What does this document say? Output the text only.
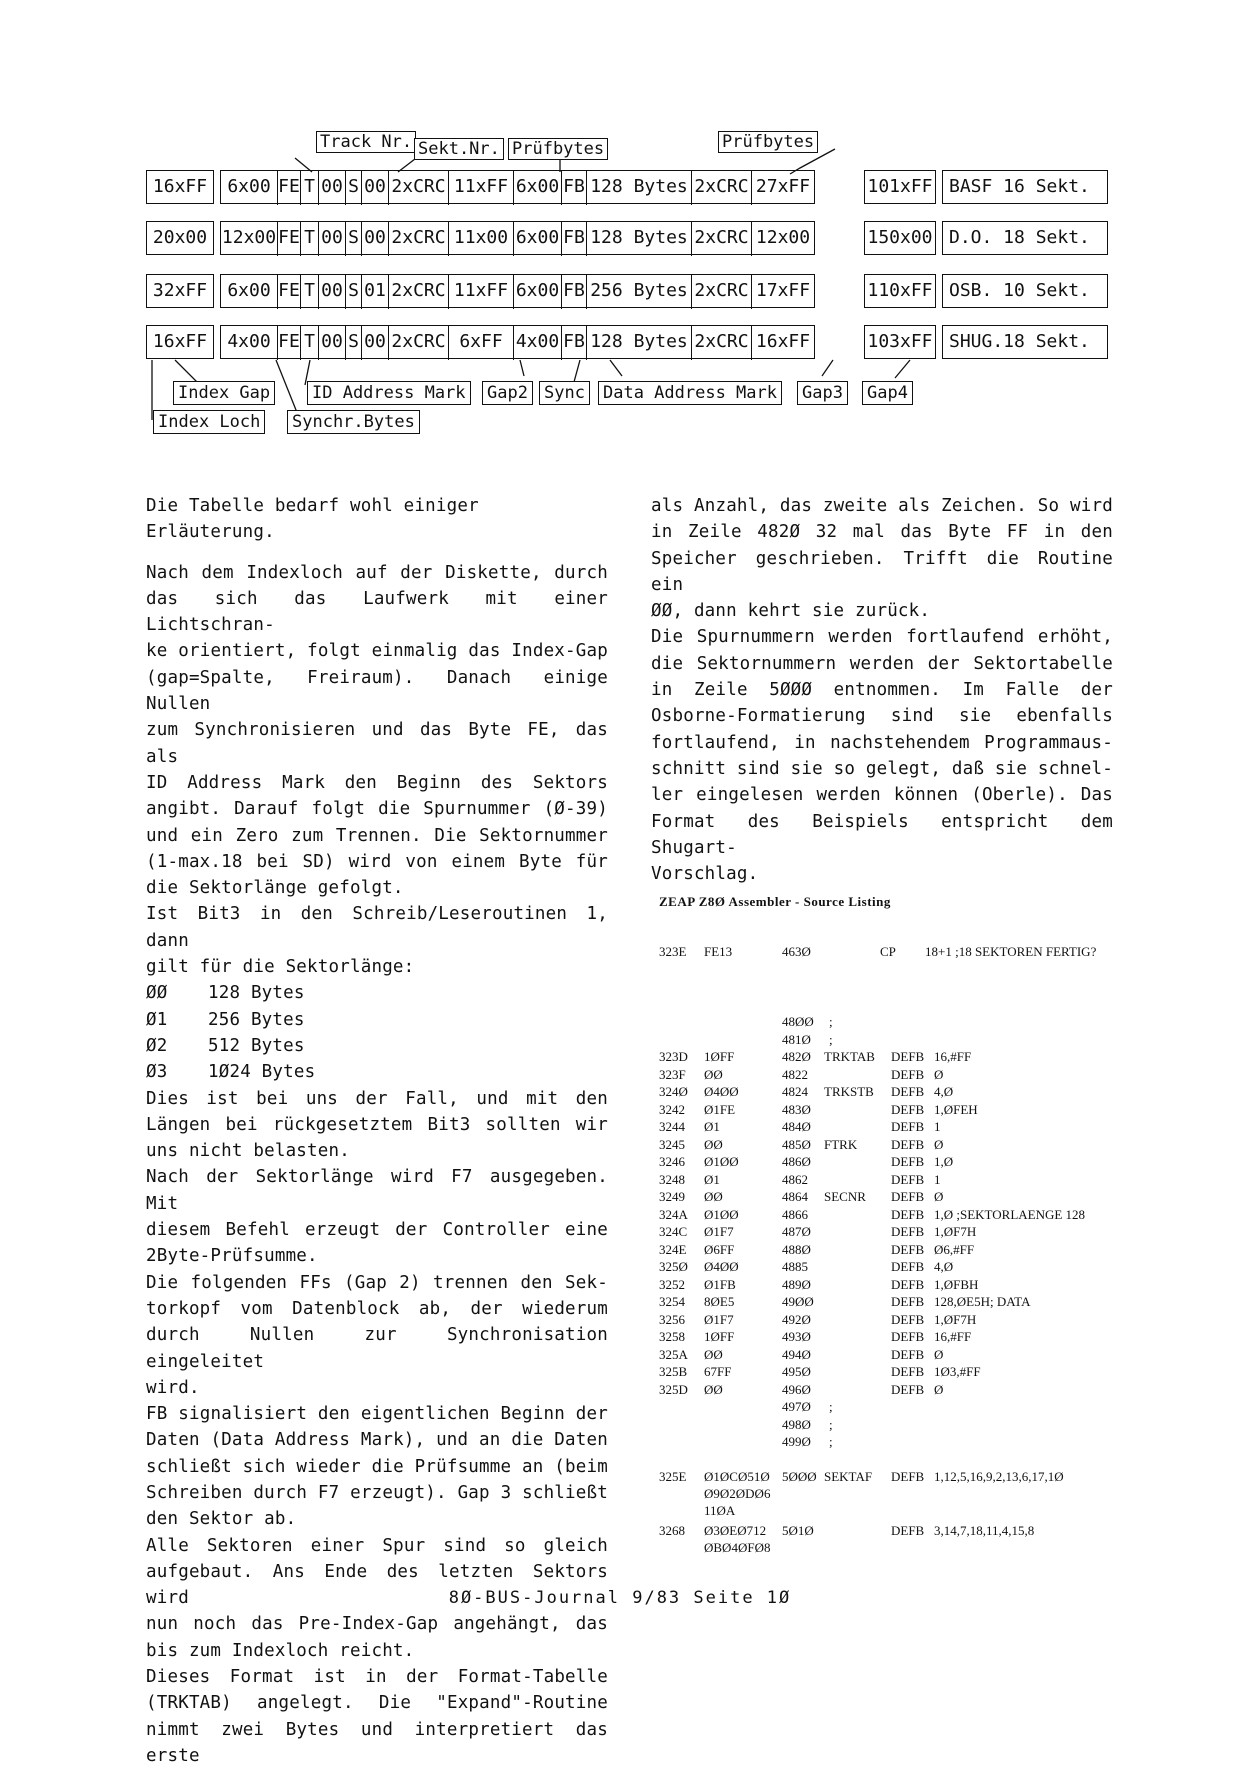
Track Nr. Sekt.Nr. Prüfbytes	Prüfbytes
16xFF	6x00 FE T 00 S 00 2xCRC 11xFF 6x00 FB 128 Bytes 2xCRC 27xFF	101xFF BASF 16 Sekt.
20x00 12x00 FE T 00 S 00 2xCRC 11x00 6x00 FB 128 Bytes 2xCRC 12x00	150x00 D.O. 18 Sekt.
32xFF	6x00 FE T 00 S 01 2xCRC 11xFF 6x00 FB 256 Bytes 2xCRC 17xFF	110xFF OSB. 10 Sekt.
16xFF	4x00 FE T 00 S 00 2xCRC 6xFF 4x00 FB 128 Bytes 2xCRC 16xFF	103xFF SHUG.18 Sekt.
Index Gap
Index Loch
ID Address Mark
Synchr.Bytes
Gap2 Sync Data Address Mark Gap3 Gap4

Die Tabelle bedarf wohl einiger Erläuterung.

Nach dem Indexloch auf der Diskette, durch

das sich das Laufwerk mit einer Lichtschran-

ke orientiert, folgt einmalig das Index-Gap

(gap=Spalte, Freiraum). Danach einige Nullen

zum Synchronisieren und das Byte FE, das als

ID Address Mark den Beginn des Sektors

angibt. Darauf folgt die Spurnummer (Ø-39)

und ein Zero zum Trennen. Die Sektornummer

(1-max.18 bei SD) wird von einem Byte für

die Sektorlänge gefolgt.

Ist Bit3 in den Schreib/Leseroutinen 1, dann

gilt für die Sektorlänge:

ØØ 128 Bytes

Ø1 256 Bytes

Ø2 512 Bytes

Ø3 1Ø24 Bytes

Dies ist bei uns der Fall, und mit den

Längen bei rückgesetztem Bit3 sollten wir

uns nicht belasten.

Nach der Sektorlänge wird F7 ausgegeben. Mit

diesem Befehl erzeugt der Controller eine

2Byte-Prüfsumme.

Die folgenden FFs (Gap 2) trennen den Sek-

torkopf vom Datenblock ab, der wiederum

durch Nullen zur Synchronisation eingeleitet

wird.

FB signalisiert den eigentlichen Beginn der

Daten (Data Address Mark), und an die Daten

schließt sich wieder die Prüfsumme an (beim

Schreiben durch F7 erzeugt). Gap 3 schließt

den Sektor ab.

Alle Sektoren einer Spur sind so gleich

aufgebaut. Ans Ende des letzten Sektors wird

nun noch das Pre-Index-Gap angehängt, das

bis zum Indexloch reicht.

Dieses Format ist in der Format-Tabelle

(TRKTAB) angelegt. Die "Expand"-Routine

nimmt zwei Bytes und interpretiert das erste

als Anzahl, das zweite als Zeichen. So wird

in Zeile 482Ø 32 mal das Byte FF in den

Speicher geschrieben. Trifft die Routine ein

ØØ, dann kehrt sie zurück.

Die Spurnummern werden fortlaufend erhöht,

die Sektornummern werden der Sektortabelle

in Zeile 5ØØØ entnommen. Im Falle der

Osborne-Formatierung sind sie ebenfalls

fortlaufend, in nachstehendem Programmaus-

schnitt sind sie so gelegt, daß sie schnel-

ler eingelesen werden können (Oberle). Das

Format des Beispiels entspricht dem Shugart-

Vorschlag.

ZEAP Z8Ø Assembler - Source Listing
323E FE13	463Ø	CP 18+1 ;18 SEKTOREN FERTIG?
48ØØ ;
481Ø ;
323D 1ØFF	482Ø TRKTAB DEFB 16,#FF
323F ØØ	4822	DEFB Ø
324Ø Ø4ØØ	4824 TRKSTB DEFB 4,Ø
3242 Ø1FE	483Ø	DEFB 1,ØFEH
3244 Ø1	484Ø	DEFB 1
3245 ØØ	485Ø FTRK	DEFB Ø
3246 Ø1ØØ	486Ø	DEFB 1,Ø
3248 Ø1	4862	DEFB 1
3249 ØØ	4864 SECNR DEFB Ø
324A Ø1ØØ	4866	DEFB 1,Ø ;SEKTORLAENGE 128
324C Ø1F7	487Ø	DEFB 1,ØF7H
324E Ø6FF	488Ø	DEFB Ø6,#FF
325Ø Ø4ØØ	4885	DEFB 4,Ø
3252 Ø1FB	489Ø	DEFB 1,ØFBH
3254 8ØE5	49ØØ	DEFB 128,ØE5H; DATA
3256 Ø1F7	492Ø	DEFB 1,ØF7H
3258 1ØFF	493Ø	DEFB 16,#FF
325A ØØ	494Ø	DEFB Ø
325B 67FF	495Ø	DEFB 1Ø3,#FF
325D ØØ	496Ø	DEFB Ø
497Ø ;
498Ø ;
499Ø ;
325E Ø1ØCØ51Ø 5ØØØ SEKTAF DEFB 1,12,5,16,9,2,13,6,17,1Ø
Ø9Ø2ØDØ6
11ØA
3268 Ø3ØEØ712 5Ø1Ø	DEFB 3,14,7,18,11,4,15,8
ØBØ4ØFØ8
8Ø-BUS-Journal 9/83 Seite 1Ø
